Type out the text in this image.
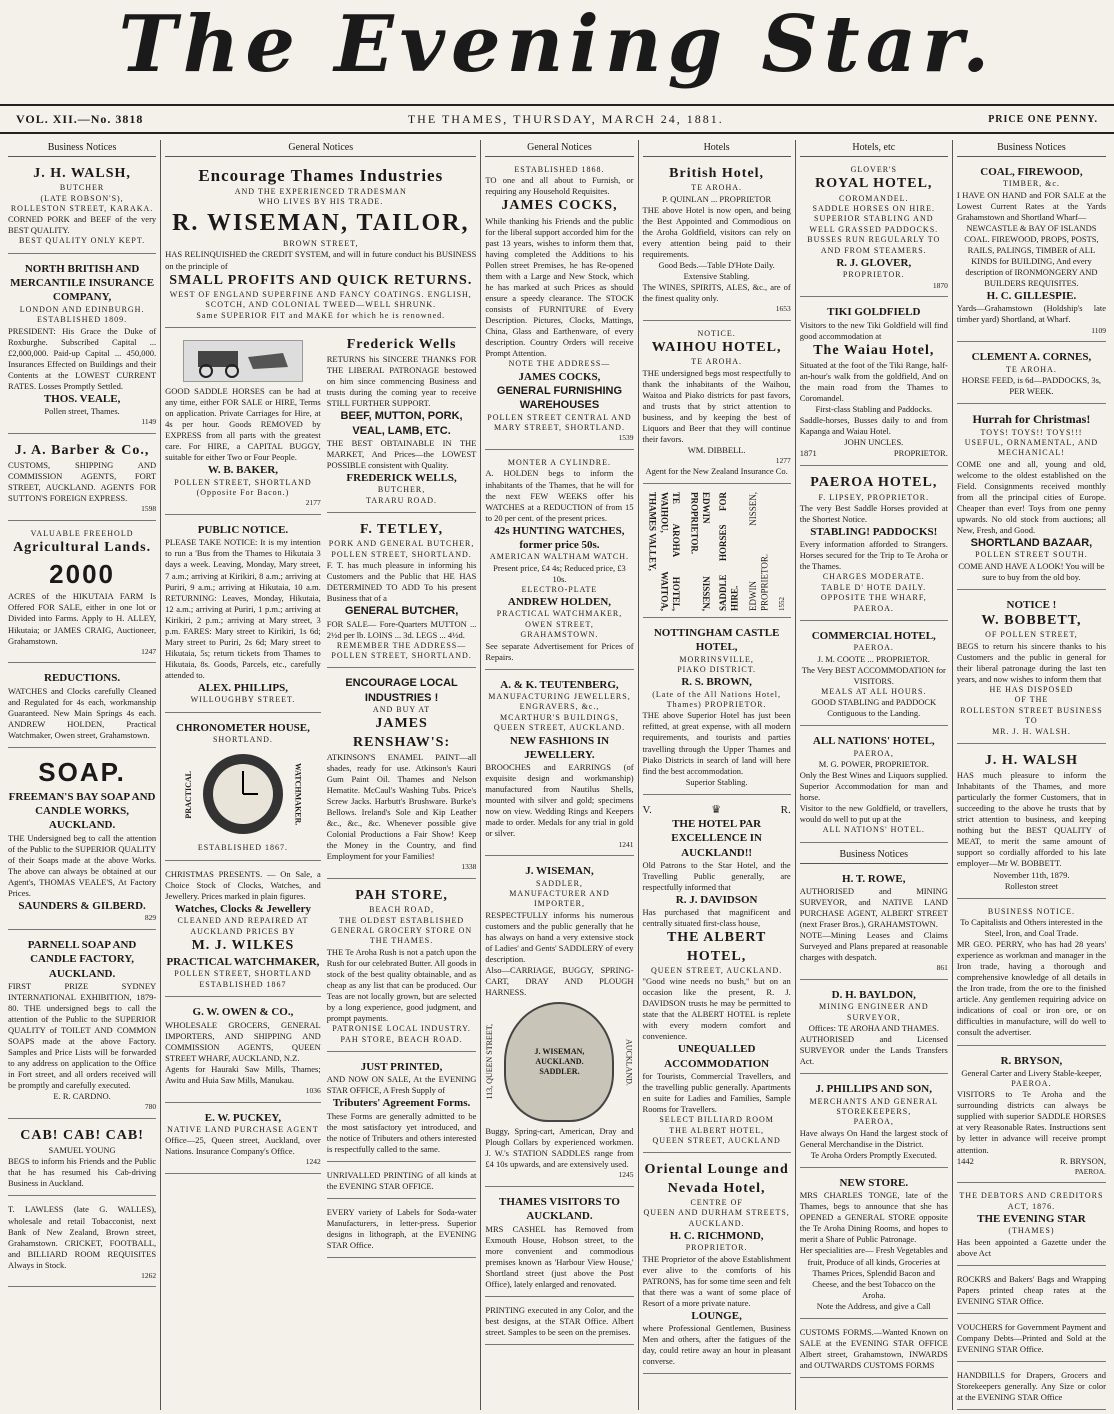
The Evening Star.
VOL. XII.—No. 3818	THE THAMES, THURSDAY, MARCH 24, 1881.	PRICE ONE PENNY.
Business Notices
J. H. WALSH,
BUTCHER
(LATE ROBSON'S),
ROLLESTON STREET, KARAKA.

CORNED PORK and BEEF of the very BEST QUALITY.

BEST QUALITY ONLY KEPT.
NORTH BRITISH AND MERCANTILE INSURANCE COMPANY,
LONDON AND EDINBURGH.
ESTABLISHED 1809.

PRESIDENT: His Grace the Duke of Roxburghe. Subscribed Capital ... £2,000,000. Paid-up Capital ... 450,000. Insurances Effected on Buildings and their Contents at the LOWEST CURRENT RATES. Losses Promptly Settled.

THOS. VEALE,
Pollen street, Thames.
1149
J. A. Barber & Co.,

CUSTOMS, SHIPPING AND COMMISSION AGENTS, FORT STREET, AUCKLAND. AGENTS FOR SUTTON'S FOREIGN EXPRESS.

1598
VALUABLE FREEHOLD
Agricultural Lands.
2000

ACRES of the HIKUTAIA FARM Is Offered FOR SALE, either in one lot or Divided into Farms. Apply to H. ALLEY, Hikutaia; or JAMES CRAIG, Auctioneer, Grahamstown.

1247
REDUCTIONS.

WATCHES and Clocks carefully Cleaned and Regulated for 4s each, workmanship Guaranteed. New Main Springs 4s each. ANDREW HOLDEN, Practical Watchmaker, Owen street, Grahamstown.

SOAP.
FREEMAN'S BAY SOAP AND CANDLE WORKS, AUCKLAND.

THE Undersigned beg to call the attention of the Public to the SUPERIOR QUALITY of their Soaps made at the above Works. The above can always be obtained at our Agent's, THOMAS VEALE'S, At Factory Prices.

SAUNDERS & GILBERD.
829
PARNELL SOAP AND CANDLE FACTORY, AUCKLAND.

FIRST PRIZE SYDNEY INTERNATIONAL EXHIBITION, 1879-80. THE undersigned begs to call the attention of the Public to the SUPERIOR QUALITY of TOILET AND COMMON SOAPS made at the above Factory. Samples and Price Lists will be forwarded to any address on application to the Office in Fort street, and all orders received will be promptly and carefully executed.

E. R. CARDNO.
780
CAB! CAB! CAB!
SAMUEL YOUNG

BEGS to inform his Friends and the Public that he has resumed his Cab-driving Business in Auckland.

T. LAWLESS (late G. WALLES), wholesale and retail Tobacconist, next Bank of New Zealand, Brown street, Grahamstown. CRICKET, FOOTBALL, and BILLIARD ROOM REQUISITES Always in Stock.

1262
General Notices
Encourage Thames Industries
AND THE EXPERIENCED TRADESMAN
WHO LIVES BY HIS TRADE.
R. WISEMAN, TAILOR,
BROWN STREET,

HAS RELINQUISHED the CREDIT SYSTEM, and will in future conduct his BUSINESS on the principle of

SMALL PROFITS AND QUICK RETURNS.
WEST OF ENGLAND SUPERFINE AND FANCY COATINGS. ENGLISH, SCOTCH, AND COLONIAL TWEED—WELL SHRUNK.
Same SUPERIOR FIT and MAKE for which he is renowned.

GOOD SADDLE HORSES can be had at any time, either FOR SALE or HIRE, Terms on application. Private Carriages for Hire, at 4s per hour. Goods REMOVED by EXPRESS from all parts with the greatest care. For HIRE, a CAPITAL BUGGY, suitable for either Two or Four People.

W. B. BAKER,
POLLEN STREET, SHORTLAND
(Opposite For Bacon.)
2177
PUBLIC NOTICE.

PLEASE TAKE NOTICE: It is my intention to run a 'Bus from the Thames to Hikutaia 3 days a week. Leaving, Monday, Mary street, 7 a.m.; arriving at Kirikiri, 8 a.m.; arriving at Puriri, 9 a.m.; arriving at Hikutaia, 10 a.m. RETURNING: Leaves, Monday, Hikutaia, 12 a.m.; arriving at Puriri, 1 p.m.; arriving at Kirikiri, 2 p.m.; arriving at Mary street, 3 p.m. FARES: Mary street to Kirikiri, 1s 6d; Mary street to Puriri, 2s 6d; Mary street to Hikutaia, 5s; return tickets from Thames to Hikutaia, 8s. Goods, Parcels, etc., carefully attended to.

ALEX. PHILLIPS,
WILLOUGHBY STREET.
CHRONOMETER HOUSE,
SHORTLAND.
PRACTICAL	WATCHMAKER.
ESTABLISHED 1867.

CHRISTMAS PRESENTS. — On Sale, a Choice Stock of Clocks, Watches, and Jewellery. Prices marked in plain figures.

Watches, Clocks & Jewellery
CLEANED AND REPAIRED AT AUCKLAND PRICES BY
M. J. WILKES
PRACTICAL WATCHMAKER,
POLLEN STREET, SHORTLAND
ESTABLISHED 1867
G. W. OWEN & CO.,

WHOLESALE GROCERS, GENERAL IMPORTERS, AND SHIPPING AND COMMISSION AGENTS, QUEEN STREET WHARF, AUCKLAND, N.Z.

Agents for Hauraki Saw Mills, Thames; Awitu and Huia Saw Mills, Manukau.

1036
E. W. PUCKEY,
NATIVE LAND PURCHASE AGENT

Office—25, Queen street, Auckland, over Nations. Insurance Company's Office.

1242
Frederick Wells

RETURNS his SINCERE THANKS FOR THE LIBERAL PATRONAGE bestowed on him since commencing Business and trusts during the coming year to receive STILL FURTHER SUPPORT.

BEEF, MUTTON, PORK, VEAL, LAMB, ETC.

THE BEST OBTAINABLE IN THE MARKET, And Prices—the LOWEST POSSIBLE consistent with Quality.

FREDERICK WELLS,
BUTCHER,
TARARU ROAD.
F. TETLEY,
PORK AND GENERAL BUTCHER,
POLLEN STREET, SHORTLAND.

F. T. has much pleasure in informing his Customers and the Public that HE HAS DETERMINED TO ADD To his present Business that of a

GENERAL BUTCHER,

FOR SALE— Fore-Quarters MUTTON ... 2½d per lb. LOINS ... 3d. LEGS ... 4½d.

REMEMBER THE ADDRESS— POLLEN STREET, SHORTLAND.
ENCOURAGE LOCAL INDUSTRIES !
AND BUY AT
JAMES RENSHAW'S:

ATKINSON'S ENAMEL PAINT—all shades, ready for use. Atkinson's Kauri Gum Paint Oil. Thames and Nelson Hematite. McCaul's Washing Tubs. Price's Screw Jacks. Harbutt's Brushware. Burke's Bellows. Ireland's Sole and Kip Leather &c., &c., &c. Whenever possible give Colonial Productions a Fair Show! Keep the Money in the Country, and find Employment for your Families!

1338
PAH STORE,
BEACH ROAD,
THE OLDEST ESTABLISHED GENERAL GROCERY STORE ON THE THAMES.

THE Te Aroha Rush is not a patch upon the Rush for our celebrated Butter. All goods in stock of the best quality obtainable, and as cheap as any list that can be produced. Our Teas are not locally grown, but are selected by a long experience, good judgment, and prompt payments.

PATRONISE LOCAL INDUSTRY.
PAH STORE, BEACH ROAD.
JUST PRINTED,

AND NOW ON SALE, At the EVENING STAR OFFICE, A Fresh Supply of

Tributers' Agreement Forms.

These Forms are generally admitted to be the most satisfactory yet introduced, and the notice of Tributers and others interested is respectfully called to the same.

UNRIVALLED PRINTING of all kinds at the EVENING STAR OFFICE.

EVERY variety of Labels for Soda-water Manufacturers, in letter-press. Superior designs in lithograph, at the EVENING STAR Office.

General Notices
ESTABLISHED 1868.

TO one and all about to Furnish, or requiring any Household Requisites.

JAMES COCKS,

While thanking his Friends and the public for the liberal support accorded him for the past 13 years, wishes to inform them that, having completed the Additions to his Pollen street Premises, he has Re-opened them with a Large and New Stock, which he has marked at such Prices as should ensure a speedy clearance. The STOCK consists of FURNITURE of Every Description. Pictures, Clocks, Mattings, China, Glass and Earthenware, of every description. Country Orders will receive Prompt Attention.

NOTE THE ADDRESS—
JAMES COCKS,
GENERAL FURNISHING WAREHOUSES
POLLEN STREET CENTRAL AND MARY STREET, SHORTLAND.
1539
MONTER A CYLINDRE.

A. HOLDEN begs to inform the inhabitants of the Thames, that he will for the next FEW WEEKS offer his WATCHES at a REDUCTION of from 15 to 20 per cent. of the present prices.

42s HUNTING WATCHES, former price 50s.
AMERICAN WALTHAM WATCH.
Present price, £4 4s; Reduced price, £3 10s.
ELECTRO-PLATE
ANDREW HOLDEN,
PRACTICAL WATCHMAKER,
OWEN STREET, GRAHAMSTOWN.

See separate Advertisement for Prices of Repairs.

A. & K. TEUTENBERG,
MANUFACTURING JEWELLERS, ENGRAVERS, &c.,
MCARTHUR'S BUILDINGS, QUEEN STREET, AUCKLAND.
NEW FASHIONS IN JEWELLERY.

BROOCHES and EARRINGS (of exquisite design and workmanship) manufactured from Nautilus Shells, mounted with silver and gold; specimens now on view. Wedding Rings and Keepers made to order. Medals for any trial in gold or silver.

1241
J. WISEMAN,
SADDLER,
MANUFACTURER AND IMPORTER,

RESPECTFULLY informs his numerous customers and the public generally that he has always on hand a very extensive stock of Ladies' and Gents' SADDLERY of every description.

Also—CARRIAGE, BUGGY, SPRING-CART, DRAY AND PLOUGH HARNESS.

113, QUEEN STREET,	J. WISEMAN,
AUCKLAND.
SADDLER.	AUCKLAND.

Buggy, Spring-cart, American, Dray and Plough Collars by experienced workmen. J. W.'s STATION SADDLES range from £4 10s upwards, and are extensively used.

1245
THAMES VISITORS TO AUCKLAND.

MRS CASHEL has Removed from Exmouth House, Hobson street, to the more convenient and commodious premises known as 'Harbour View House,' Shortland street (just above the Post Office), lately enlarged and renovated.

PRINTING executed in any Color, and the best designs, at the STAR Office. Albert street. Samples to be seen on the premises.

Hotels
British Hotel,
TE AROHA.
P. QUINLAN ... PROPRIETOR

THE above Hotel is now open, and being the Best Appointed and Commodious on the Aroha Goldfield, visitors can rely on every attention being paid to their requirements.

Good Beds.—Table D'Hote Daily.
Extensive Stabling.

The WINES, SPIRITS, ALES, &c., are of the finest quality only.

1653
NOTICE.
WAIHOU HOTEL,
TE AROHA.

THE undersigned begs most respectfully to thank the inhabitants of the Waihou, Waitoa and Piako districts for past favors, and trusts that by strict attention to business, and by keeping the best of Liquors and Beer that they will continue their favors.

WM. DIBBELL.
1277
Agent for the New Zealand Insurance Co.
TE AROHA HOTEL, WAIHOU, WAITOA, THAMES VALLEY,	EDWIN NISSEN, PROPRIETOR.	SADDLE HORSES FOR HIRE. EDWIN NISSEN, PROPRIETOR. 1552
NOTTINGHAM CASTLE HOTEL,
MORRINSVILLE,
PIAKO DISTRICT.
R. S. BROWN,
(Late of the All Nations Hotel, Thames) PROPRIETOR.

THE above Superior Hotel has just been refitted, at great expense, with all modern requirements, and tourists and parties travelling through the Upper Thames and Piako Districts in search of land will here find the best accommodation.

Superior Stabling.
V.	♛	R.
THE HOTEL PAR EXCELLENCE IN AUCKLAND!!

Old Patrons to the Star Hotel, and the Travelling Public generally, are respectfully informed that

R. J. DAVIDSON

Has purchased that magnificent and centrally situated first-class house,

THE ALBERT HOTEL,
QUEEN STREET, AUCKLAND.

"Good wine needs no bush," but on an occasion like the present, R. J. DAVIDSON trusts he may be permitted to state that the ALBERT HOTEL is replete with every modern comfort and convenience.

UNEQUALLED ACCOMMODATION

for Tourists, Commercial Travellers, and the travelling public generally. Apartments en suite for Ladies and Families, Sample Rooms for Travellers.

SELECT BILLIARD ROOM
THE ALBERT HOTEL,
QUEEN STREET, AUCKLAND
Oriental Lounge and Nevada Hotel,
CENTRE OF
QUEEN AND DURHAM STREETS,
AUCKLAND.
H. C. RICHMOND,
PROPRIETOR.

THE Proprietor of the above Establishment ever alive to the comforts of his PATRONS, has for some time seen and felt that there was a want of some place of Resort of a more private nature.

LOUNGE,

where Professional Gentlemen, Business Men and others, after the fatigues of the day, could retire away an hour in pleasant converse.

Hotels, etc
GLOVER'S
ROYAL HOTEL,
COROMANDEL.
SADDLE HORSES ON HIRE.
SUPERIOR STABLING AND WELL GRASSED PADDOCKS.
BUSSES RUN REGULARLY TO AND FROM STEAMERS.
R. J. GLOVER,
PROPRIETOR.
1870
TIKI GOLDFIELD

Visitors to the new Tiki Goldfield will find good accommodation at

The Waiau Hotel,

Situated at the foot of the Tiki Range, half-an-hour's walk from the goldfield, And on the main road from the Thames to Coromandel.

First-class Stabling and Paddocks.

Saddle-horses, Busses daily to and from Kapanga and Waiau Hotel.

JOHN UNCLES.
1871	PROPRIETOR.
PAEROA HOTEL,
F. LIPSEY, PROPRIETOR.

The very Best Saddle Horses provided at the Shortest Notice.

STABLING! PADDOCKS!

Every information afforded to Strangers. Horses secured for the Trip to Te Aroha or the Thames.

CHARGES MODERATE.
TABLE D' HOTE DAILY.
OPPOSITE THE WHARF, PAEROA.
COMMERCIAL HOTEL,
PAEROA.
J. M. COOTE ... PROPRIETOR.
The Very BEST ACCOMMODATION for VISITORS.
MEALS AT ALL HOURS.
GOOD STABLING and PADDOCK Contiguous to the Landing.
ALL NATIONS' HOTEL,
PAEROA,
M. G. POWER, PROPRIETOR.

Only the Best Wines and Liquors supplied. Superior Accommodation for man and horse.

Visitor to the new Goldfield, or travellers, would do well to put up at the

ALL NATIONS' HOTEL.
Business Notices
H. T. ROWE,

AUTHORISED and MINING SURVEYOR, and NATIVE LAND PURCHASE AGENT, ALBERT STREET (next Fraser Bros.), GRAHAMSTOWN.

NOTE—Mining Leases and Claims Surveyed and Plans prepared at reasonable charges with despatch.

861
D. H. BAYLDON,
MINING ENGINEER AND SURVEYOR,
Offices: TE AROHA AND THAMES.

AUTHORISED and Licensed SURVEYOR under the Lands Transfers Act.

J. PHILLIPS AND SON,
MERCHANTS AND GENERAL STOREKEEPERS,
PAEROA,

Have always On Hand the largest stock of General Merchandise in the District.

Te Aroha Orders Promptly Executed.
NEW STORE.

MRS CHARLES TONGE, late of the Thames, begs to announce that she has OPENED a GENERAL STORE opposite the Te Aroha Dining Rooms, and hopes to merit a Share of Public Patronage.

Her specialities are— Fresh Vegetables and fruit, Produce of all kinds, Groceries at Thames Prices, Splendid Bacon and Cheese, and the best Tobacco on the Aroha.

Note the Address, and give a Call

CUSTOMS FORMS.—Wanted Known on SALE at the EVENING STAR OFFICE Albert street, Grahamstown, INWARDS and OUTWARDS CUSTOMS FORMS

Business Notices
COAL, FIREWOOD,
TIMBER, &c.

I HAVE ON HAND and FOR SALE at the Lowest Current Rates at the Yards Grahamstown and Shortland Wharf—

NEWCASTLE & BAY OF ISLANDS COAL. FIREWOOD, PROPS, POSTS, RAILS, PALINGS, TIMBER of ALL KINDS for BUILDING, And every description of IRONMONGERY AND BUILDERS REQUISITES.

H. C. GILLESPIE.

Yards—Grahamstown (Holdship's late timber yard) Shortland, at Wharf.

1109
CLEMENT A. CORNES,
TE AROHA.
HORSE FEED, is 6d—PADDOCKS, 3s, PER WEEK.
Hurrah for Christmas!
TOYS! TOYS!! TOYS!!!
USEFUL, ORNAMENTAL, AND MECHANICAL!

COME one and all, young and old, welcome to the oldest established on the Field. Consignments received monthly from all the principal cities of Europe. Cheaper than ever! Toys from one penny upwards. No old stock from auctions; all New, Fresh, and Good.

SHORTLAND BAZAAR,
POLLEN STREET SOUTH.
COME AND HAVE A LOOK! You will be sure to buy from the old boy.
NOTICE !
W. BOBBETT,
OF POLLEN STREET,

BEGS to return his sincere thanks to his Customers and the public in general for their liberal patronage during the last ten years, and now wishes to inform them that

HE HAS DISPOSED
OF THE
ROLLESTON STREET BUSINESS
TO
MR. J. H. WALSH.
J. H. WALSH

HAS much pleasure to inform the Inhabitants of the Thames, and more particularly the former Customers, that in succeeding to the above he trusts that by strict attention to business, and keeping nothing but the BEST QUALITY of MEAT, to merit the same amount of support so cordially afforded to his late employer—Mr W. BOBBETT.

November 11th, 1879.
Rolleston street
BUSINESS NOTICE.
To Capitalists and Others interested in the Steel, Iron, and Coal Trade.

MR GEO. PERRY, who has had 28 years' experience as workman and manager in the Iron trade, having a thorough and comprehensive knowledge of all details in the Iron trade, from the ore to the finished article. Any gentlemen requiring advice on indications of coal or iron ore, or on difficulties in manufacture, will do well to consult the advertiser.

R. BRYSON,
General Carter and Livery Stable-keeper,
PAEROA.

VISITORS to Te Aroha and the surrounding districts can always be supplied with superior SADDLE HORSES at very Reasonable Rates. Instructions sent by letter in advance will receive prompt attention.

1442	R. BRYSON,
PAEROA.
THE DEBTORS AND CREDITORS ACT, 1876.
THE EVENING STAR
(THAMES)

Has been appointed a Gazette under the above Act

ROCKRS and Bakers' Bags and Wrapping Papers printed cheap rates at the EVENING STAR Office.

VOUCHERS for Government Payment and Company Debts—Printed and Sold at the EVENING STAR Office.

HANDBILLS for Drapers, Grocers and Storekeepers generally. Any Size or color at the EVENING STAR Office
